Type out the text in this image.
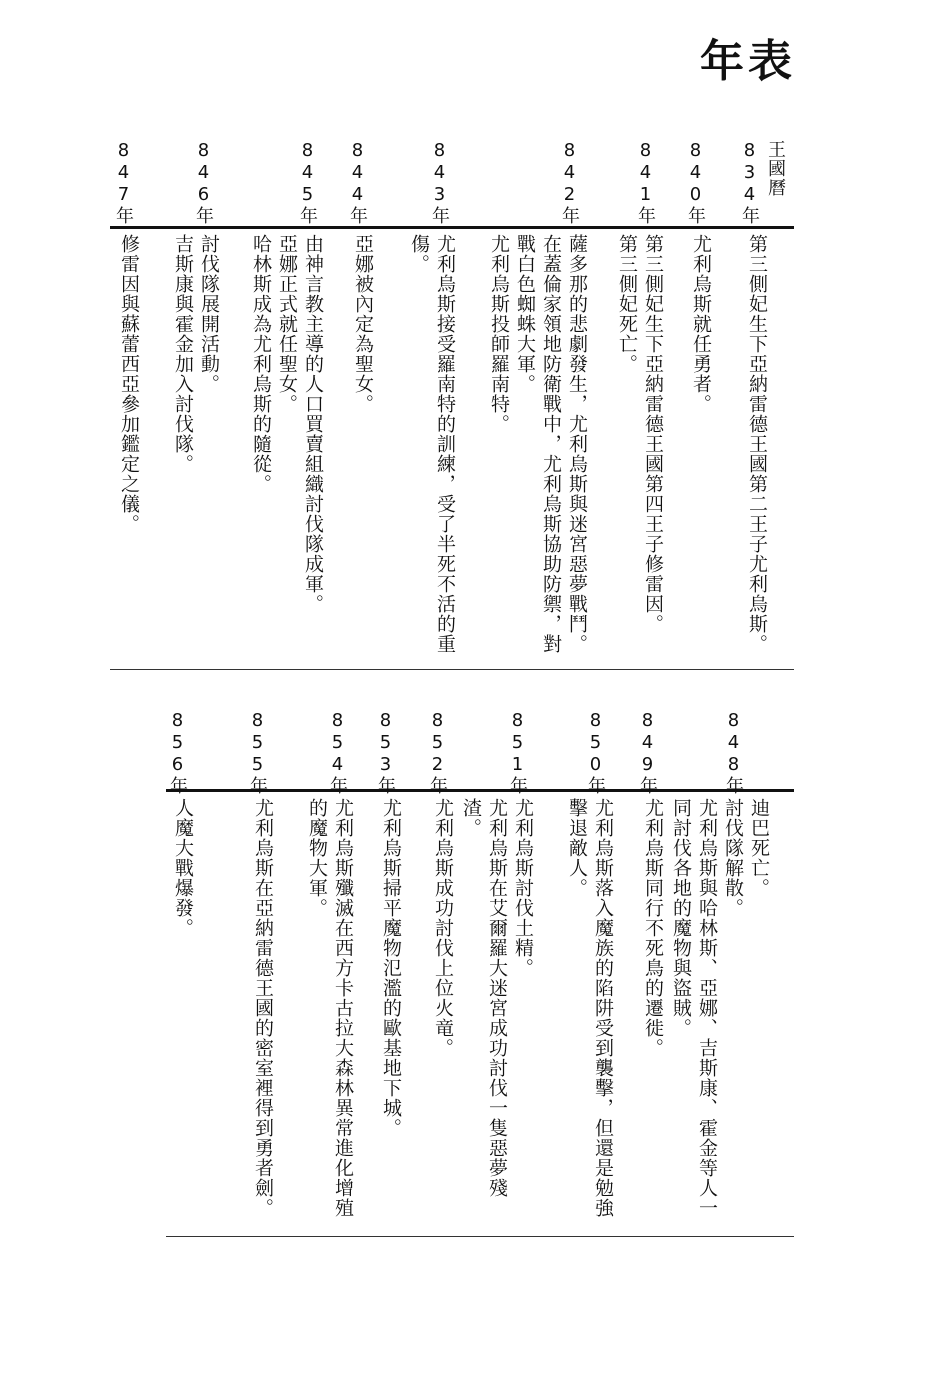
年表
王國曆
834年
第三側妃生下亞納雷德王國第二王子尤利烏斯。
840年
尤利烏斯就任勇者。
841年
第三側妃生下亞納雷德王國第四王子修雷因。
第三側妃死亡。
842年
薩多那的悲劇發生，尤利烏斯與迷宮惡夢戰鬥。
在蓋倫家領地防衛戰中，尤利烏斯協助防禦，對戰白色蜘蛛大軍。
尤利烏斯投師羅南特。
843年
尤利烏斯接受羅南特的訓練，受了半死不活的重傷。
844年
亞娜被內定為聖女。
845年
由神言教主導的人口買賣組織討伐隊成軍。
亞娜正式就任聖女。
哈林斯成為尤利烏斯的隨從。
846年
討伐隊展開活動。
吉斯康與霍金加入討伐隊。
847年
修雷因與蘇蕾西亞參加鑑定之儀。
848年
迪巴死亡。
討伐隊解散。
尤利烏斯與哈林斯、亞娜、吉斯康、霍金等人一同討伐各地的魔物與盜賊。
849年
尤利烏斯同行不死鳥的遷徙。
850年
尤利烏斯落入魔族的陷阱受到襲擊，但還是勉強擊退敵人。
851年
尤利烏斯討伐土精。
尤利烏斯在艾爾羅大迷宮成功討伐一隻惡夢殘渣。
852年
尤利烏斯成功討伐上位火竜。
853年
尤利烏斯掃平魔物氾濫的歐基地下城。
854年
尤利烏斯殲滅在西方卡古拉大森林異常進化增殖的魔物大軍。
855年
尤利烏斯在亞納雷德王國的密室裡得到勇者劍。
856年
人魔大戰爆發。
